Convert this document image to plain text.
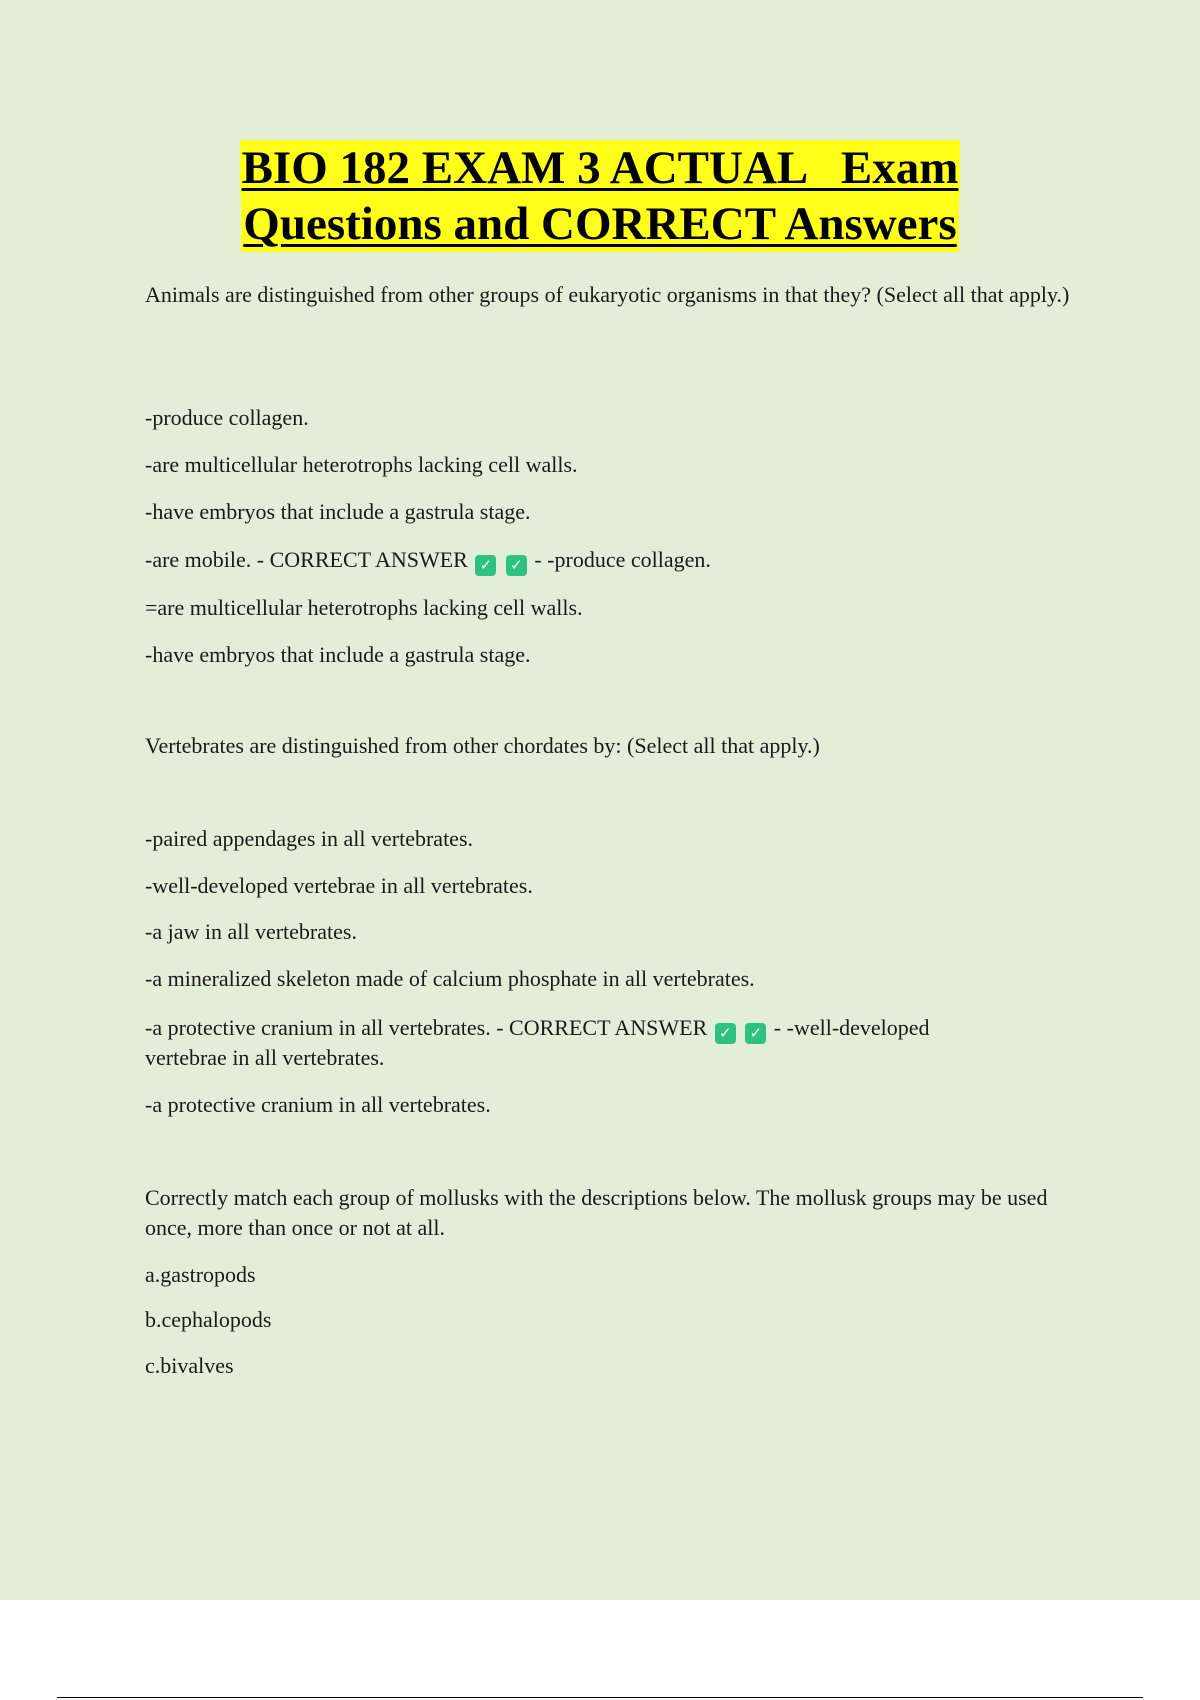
BIO 182 EXAM 3 ACTUAL   Exam
Questions and CORRECT Answers
Animals are distinguished from other groups of eukaryotic organisms in that they? (Select all that apply.)
-produce collagen.
-are multicellular heterotrophs lacking cell walls.
-have embryos that include a gastrula stage.
-are mobile. - CORRECT ANSWER ✓ ✓ - -produce collagen.
=are multicellular heterotrophs lacking cell walls.
-have embryos that include a gastrula stage.
Vertebrates are distinguished from other chordates by: (Select all that apply.)
-paired appendages in all vertebrates.
-well-developed vertebrae in all vertebrates.
-a jaw in all vertebrates.
-a mineralized skeleton made of calcium phosphate in all vertebrates.
-a protective cranium in all vertebrates. - CORRECT ANSWER ✓ ✓ - -well-developed
vertebrae in all vertebrates.
-a protective cranium in all vertebrates.
Correctly match each group of mollusks with the descriptions below. The mollusk groups may be used once, more than once or not at all.
a.gastropods
b.cephalopods
c.bivalves
